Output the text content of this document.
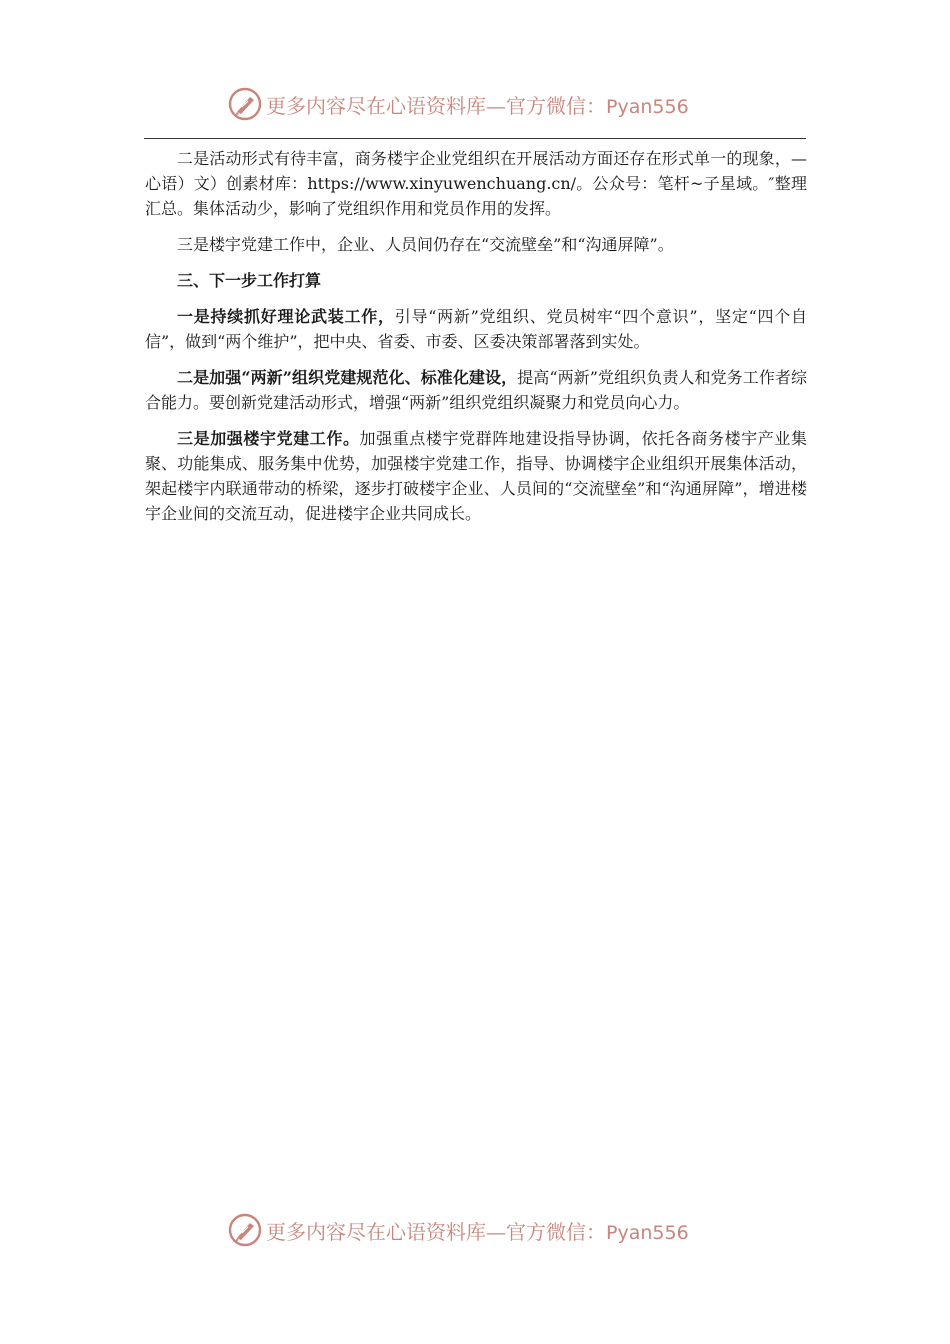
更多内容尽在心语资料库—官方微信：Pyan556

二是活动形式有待丰富，商务楼宇企业党组织在开展活动方面还存在形式单一的现象，—心语）文）创素材库：https://www.xinyuwenchuang.cn/。公众号：笔杆~子星域。″整理汇总。集体活动少，影响了党组织作用和党员作用的发挥。

三是楼宇党建工作中，企业、人员间仍存在“交流壁垒”和“沟通屏障”。

三、下一步工作打算

一是持续抓好理论武装工作，引导“两新”党组织、党员树牢“四个意识”，坚定“四个自信”，做到“两个维护”，把中央、省委、市委、区委决策部署落到实处。

二是加强“两新”组织党建规范化、标准化建设，提高“两新”党组织负责人和党务工作者综合能力。要创新党建活动形式，增强“两新”组织党组织凝聚力和党员向心力。

三是加强楼宇党建工作。加强重点楼宇党群阵地建设指导协调，依托各商务楼宇产业集聚、功能集成、服务集中优势，加强楼宇党建工作，指导、协调楼宇企业组织开展集体活动，架起楼宇内联通带动的桥梁，逐步打破楼宇企业、人员间的“交流壁垒”和“沟通屏障”，增进楼宇企业间的交流互动，促进楼宇企业共同成长。

更多内容尽在心语资料库—官方微信：Pyan556
